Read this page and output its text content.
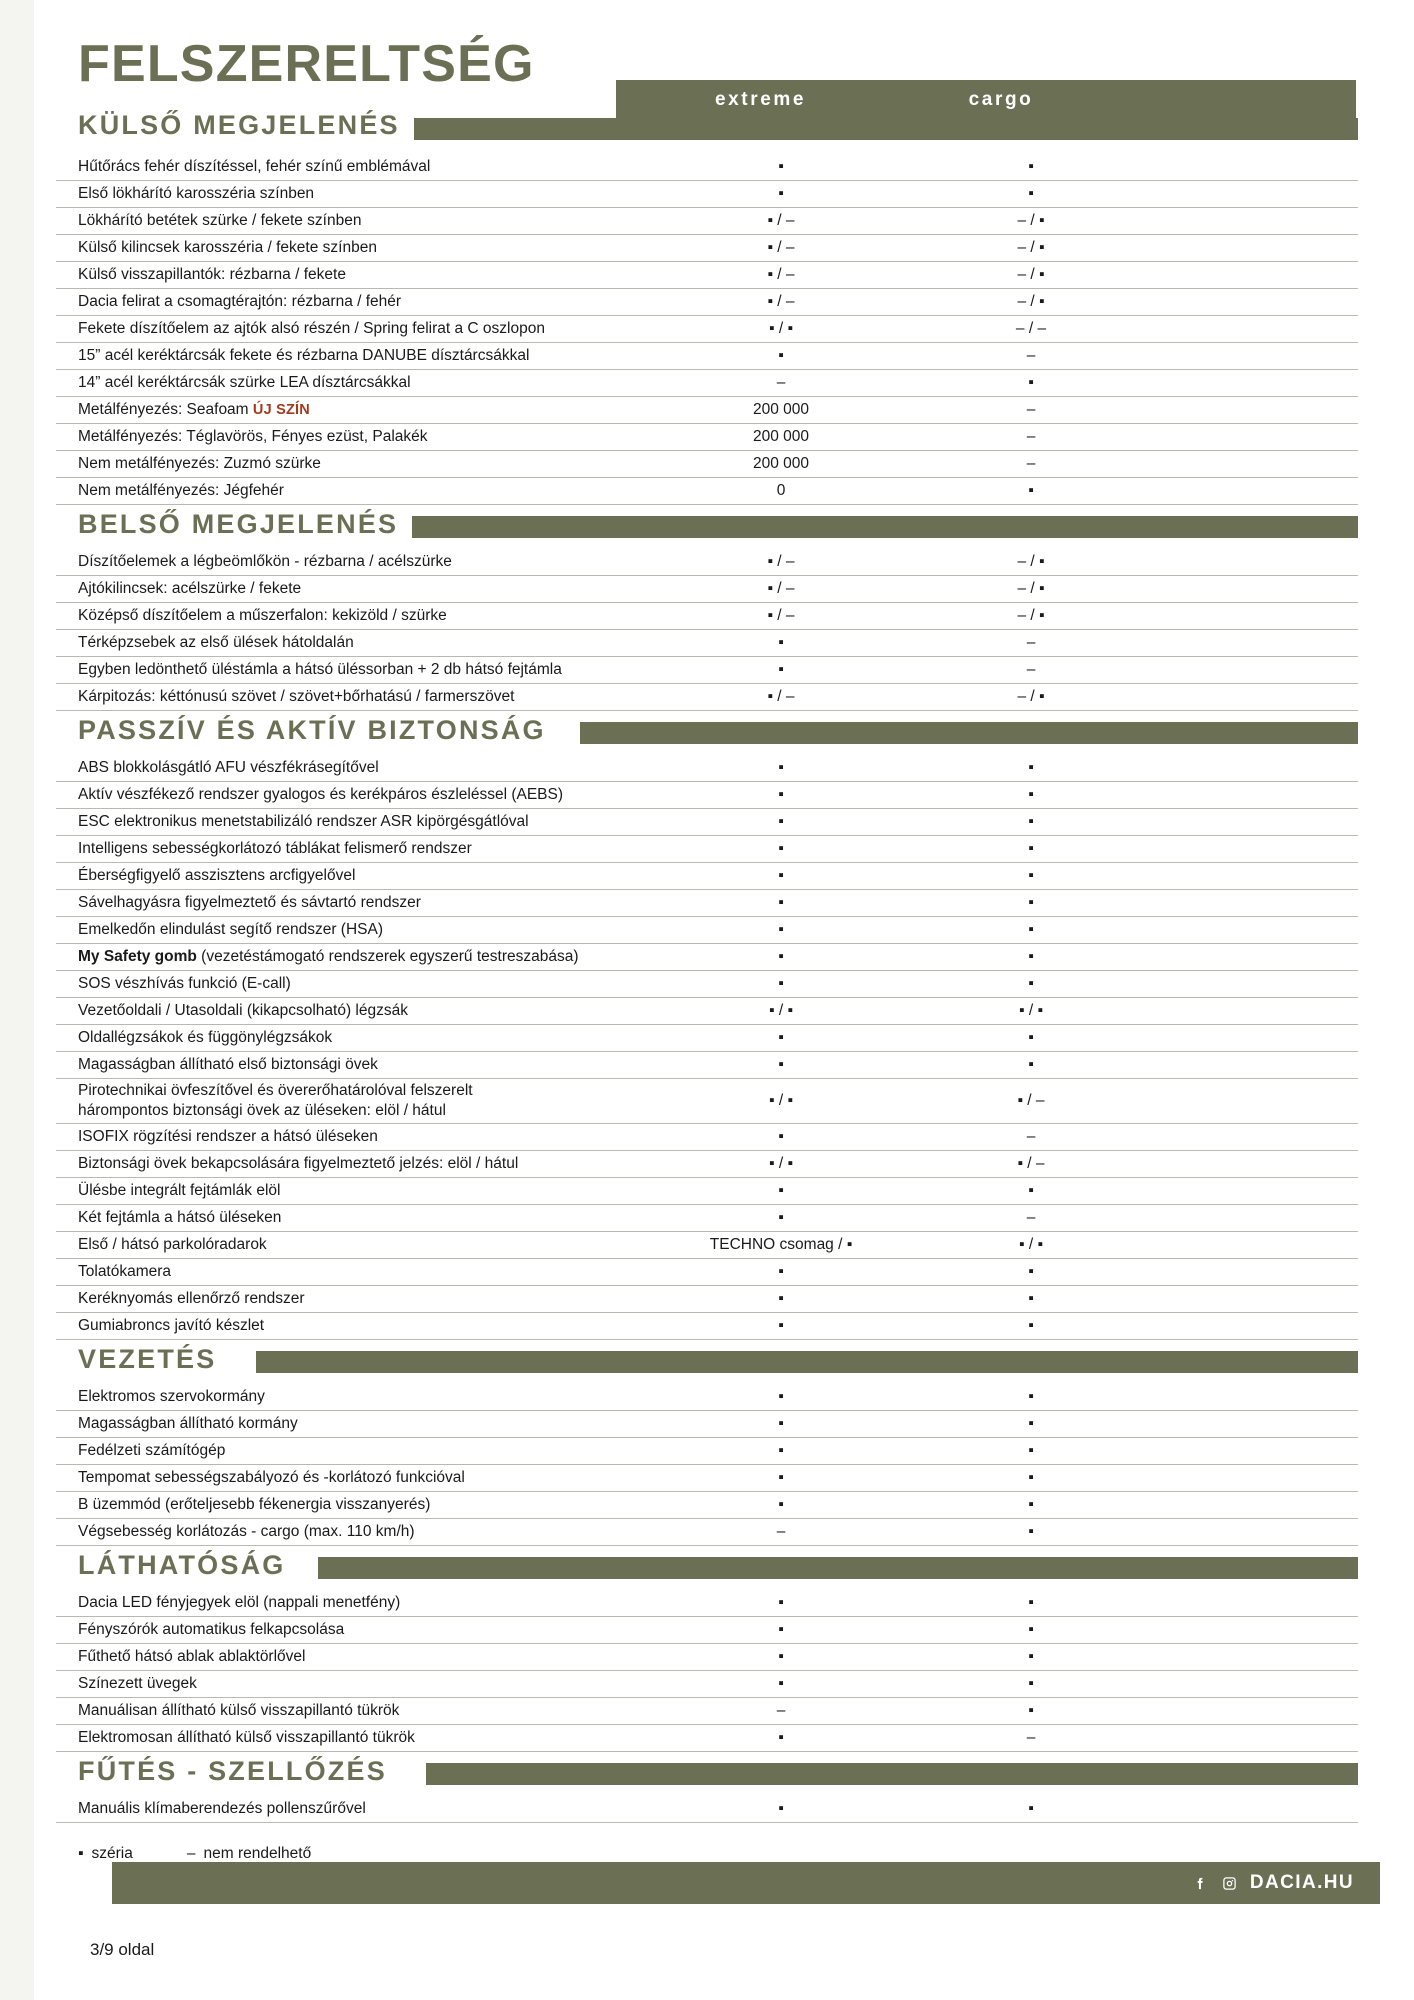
FELSZERELTSÉG
extreme	cargo
KÜLSŐ MEGJELENÉS
Hűtőrács fehér díszítéssel, fehér színű emblémával	▪	▪
Első lökhárító karosszéria színben	▪	▪
Lökhárító betétek szürke / fekete színben	▪ / –	– / ▪
Külső kilincsek karosszéria / fekete színben	▪ / –	– / ▪
Külső visszapillantók: rézbarna / fekete	▪ / –	– / ▪
Dacia felirat a csomagtérajtón: rézbarna / fehér	▪ / –	– / ▪
Fekete díszítőelem az ajtók alsó részén / Spring felirat a C oszlopon	▪ / ▪	– / –
15” acél keréktárcsák fekete és rézbarna DANUBE dísztárcsákkal	▪	–
14” acél keréktárcsák szürke LEA dísztárcsákkal	–	▪
Metálfényezés: Seafoam ÚJ SZÍN	200 000	–
Metálfényezés: Téglavörös, Fényes ezüst, Palakék	200 000	–
Nem metálfényezés: Zuzmó szürke	200 000	–
Nem metálfényezés: Jégfehér	0	▪
BELSŐ MEGJELENÉS
Díszítőelemek a légbeömlőkön - rézbarna / acélszürke	▪ / –	– / ▪
Ajtókilincsek: acélszürke / fekete	▪ / –	– / ▪
Középső díszítőelem a műszerfalon: kekizöld / szürke	▪ / –	– / ▪
Térképzsebek az első ülések hátoldalán	▪	–
Egyben ledönthető üléstámla a hátsó üléssorban + 2 db hátsó fejtámla	▪	–
Kárpitozás: kéttónusú szövet / szövet+bőrhatású / farmerszövet	▪ / –	– / ▪
PASSZÍV ÉS AKTÍV BIZTONSÁG
ABS blokkolásgátló AFU vészfékrásegítővel	▪	▪
Aktív vészfékező rendszer gyalogos és kerékpáros észleléssel (AEBS)	▪	▪
ESC elektronikus menetstabilizáló rendszer ASR kipörgésgátlóval	▪	▪
Intelligens sebességkorlátozó táblákat felismerő rendszer	▪	▪
Éberségfigyelő asszisztens arcfigyelővel	▪	▪
Sávelhagyásra figyelmeztető és sávtartó rendszer	▪	▪
Emelkedőn elindulást segítő rendszer (HSA)	▪	▪
My Safety gomb (vezetéstámogató rendszerek egyszerű testreszabása)	▪	▪
SOS vészhívás funkció (E-call)	▪	▪
Vezetőoldali / Utasoldali (kikapcsolható) légzsák	▪ / ▪	▪ / ▪
Oldallégzsákok és függönylégzsákok	▪	▪
Magasságban állítható első biztonsági övek	▪	▪
Pirotechnikai övfeszítővel és övererőhatárolóval felszerelt
hárompontos biztonsági övek az üléseken: elöl / hátul
▪ / ▪	▪ / –
ISOFIX rögzítési rendszer a hátsó üléseken	▪	–
Biztonsági övek bekapcsolására figyelmeztető jelzés: elöl / hátul	▪ / ▪	▪ / –
Ülésbe integrált fejtámlák elöl	▪	▪
Két fejtámla a hátsó üléseken	▪	–
Első / hátsó parkolóradarok	TECHNO csomag / ▪	▪ / ▪
Tolatókamera	▪	▪
Keréknyomás ellenőrző rendszer	▪	▪
Gumiabroncs javító készlet	▪	▪
VEZETÉS
Elektromos szervokormány	▪	▪
Magasságban állítható kormány	▪	▪
Fedélzeti számítógép	▪	▪
Tempomat sebességszabályozó és -korlátozó funkcióval	▪	▪
B üzemmód (erőteljesebb fékenergia visszanyerés)	▪	▪
Végsebesség korlátozás - cargo (max. 110 km/h)	–	▪
LÁTHATÓSÁG
Dacia LED fényjegyek elöl (nappali menetfény)	▪	▪
Fényszórók automatikus felkapcsolása	▪	▪
Fűthető hátsó ablak ablaktörlővel	▪	▪
Színezett üvegek	▪	▪
Manuálisan állítható külső visszapillantó tükrök	–	▪
Elektromosan állítható külső visszapillantó tükrök	▪	–
FŰTÉS - SZELLŐZÉS
Manuális klímaberendezés pollenszűrővel	▪	▪
▪ széria	– nem rendelhető
DACIA.HU
3/9 oldal
